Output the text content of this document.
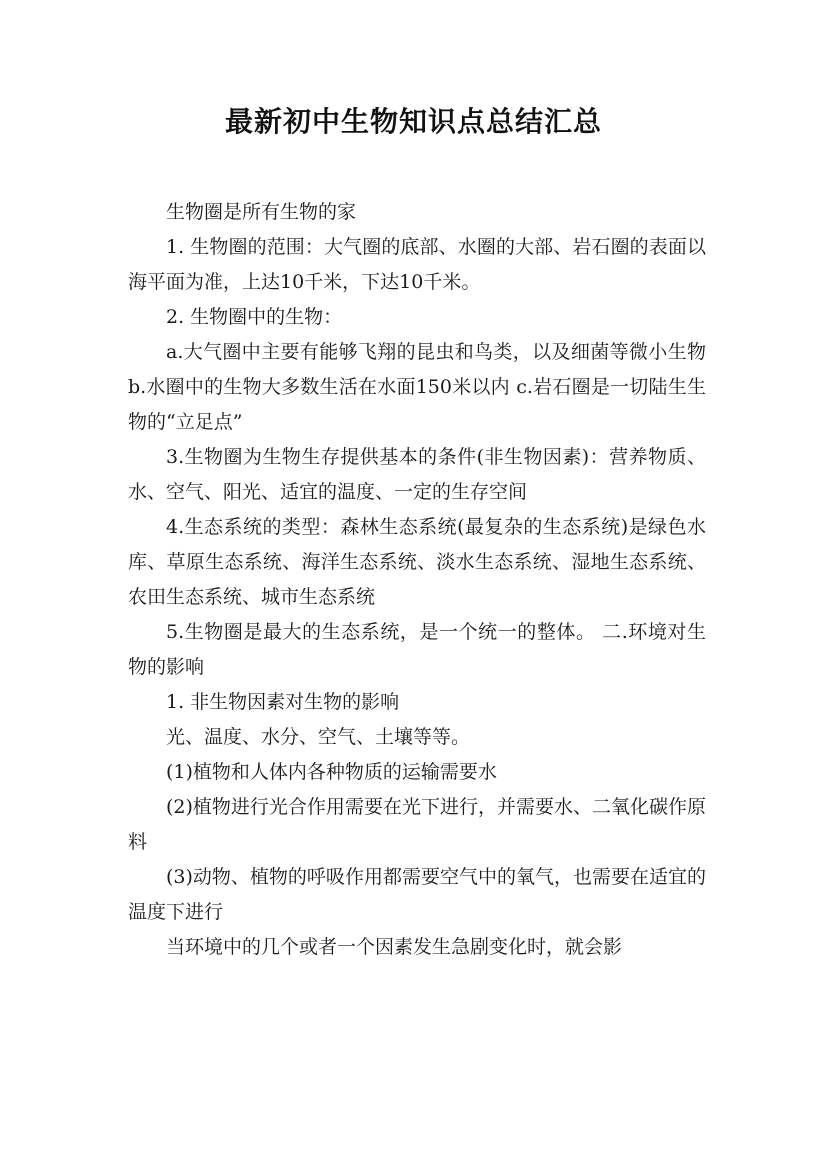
最新初中生物知识点总结汇总

生物圈是所有生物的家

1. 生物圈的范围：大气圈的底部、水圈的大部、岩石圈的表面以海平面为准，上达10千米，下达10千米。

2. 生物圈中的生物：

a.大气圈中主要有能够飞翔的昆虫和鸟类，以及细菌等微小生物 b.水圈中的生物大多数生活在水面150米以内 c.岩石圈是一切陆生生物的“立足点”

3.生物圈为生物生存提供基本的条件(非生物因素)：营养物质、水、空气、阳光、适宜的温度、一定的生存空间

4.生态系统的类型：森林生态系统(最复杂的生态系统)是绿色水库、草原生态系统、海洋生态系统、淡水生态系统、湿地生态系统、农田生态系统、城市生态系统

5.生物圈是最大的生态系统，是一个统一的整体。 二.环境对生物的影响

1. 非生物因素对生物的影响

光、温度、水分、空气、土壤等等。

(1)植物和人体内各种物质的运输需要水

(2)植物进行光合作用需要在光下进行，并需要水、二氧化碳作原料

(3)动物、植物的呼吸作用都需要空气中的氧气，也需要在适宜的温度下进行

当环境中的几个或者一个因素发生急剧变化时，就会影
